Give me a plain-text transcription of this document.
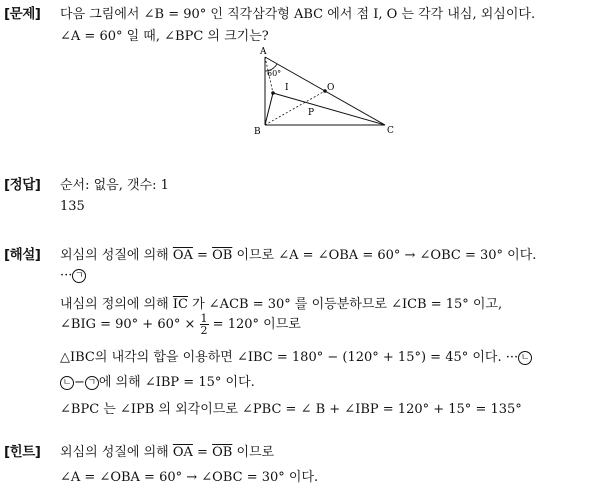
[문제] 다음 그림에서 ∠B = 90° 인 직각삼각형 ABC 에서 점 I, O 는 각각 내심, 외심이다.
∠A = 60° 일 때, ∠BPC 의 크기는?
A
B	C
I	O
P
60°
[정답] 순서: 없음, 갯수: 1
135
[해설] 외심의 성질에 의해 $\overline{OA} = \overline{OB}$ 이므로 ∠A = ∠OBA = 60° → ∠OBC = 30° 이다.
··· ㄱ
내심의 정의에 의해 $\overline{IC}$ 가 ∠ACB = 30° 를 이등분하므로 ∠ICB = 15° 이고,
∠BIG = $90^\circ + 60^\circ \times \frac{1}{2} = 120^\circ$ 이므로
△IBC의 내각의 합을 이용하면 ∠IBC = 180° − (120° + 15°) = 45° 이다. ··· ㄴ
ㄴ − ㄱ 에 의해 ∠IBP = 15° 이다.
∠BPC 는 ∠IPB 의 외각이므로 ∠PBC = ∠ B + ∠IBP = 120° + 15° = 135°
[힌트] 외심의 성질에 의해 $\overline{OA} = \overline{OB}$ 이므로
∠A = ∠OBA = 60° → ∠OBC = 30° 이다.
